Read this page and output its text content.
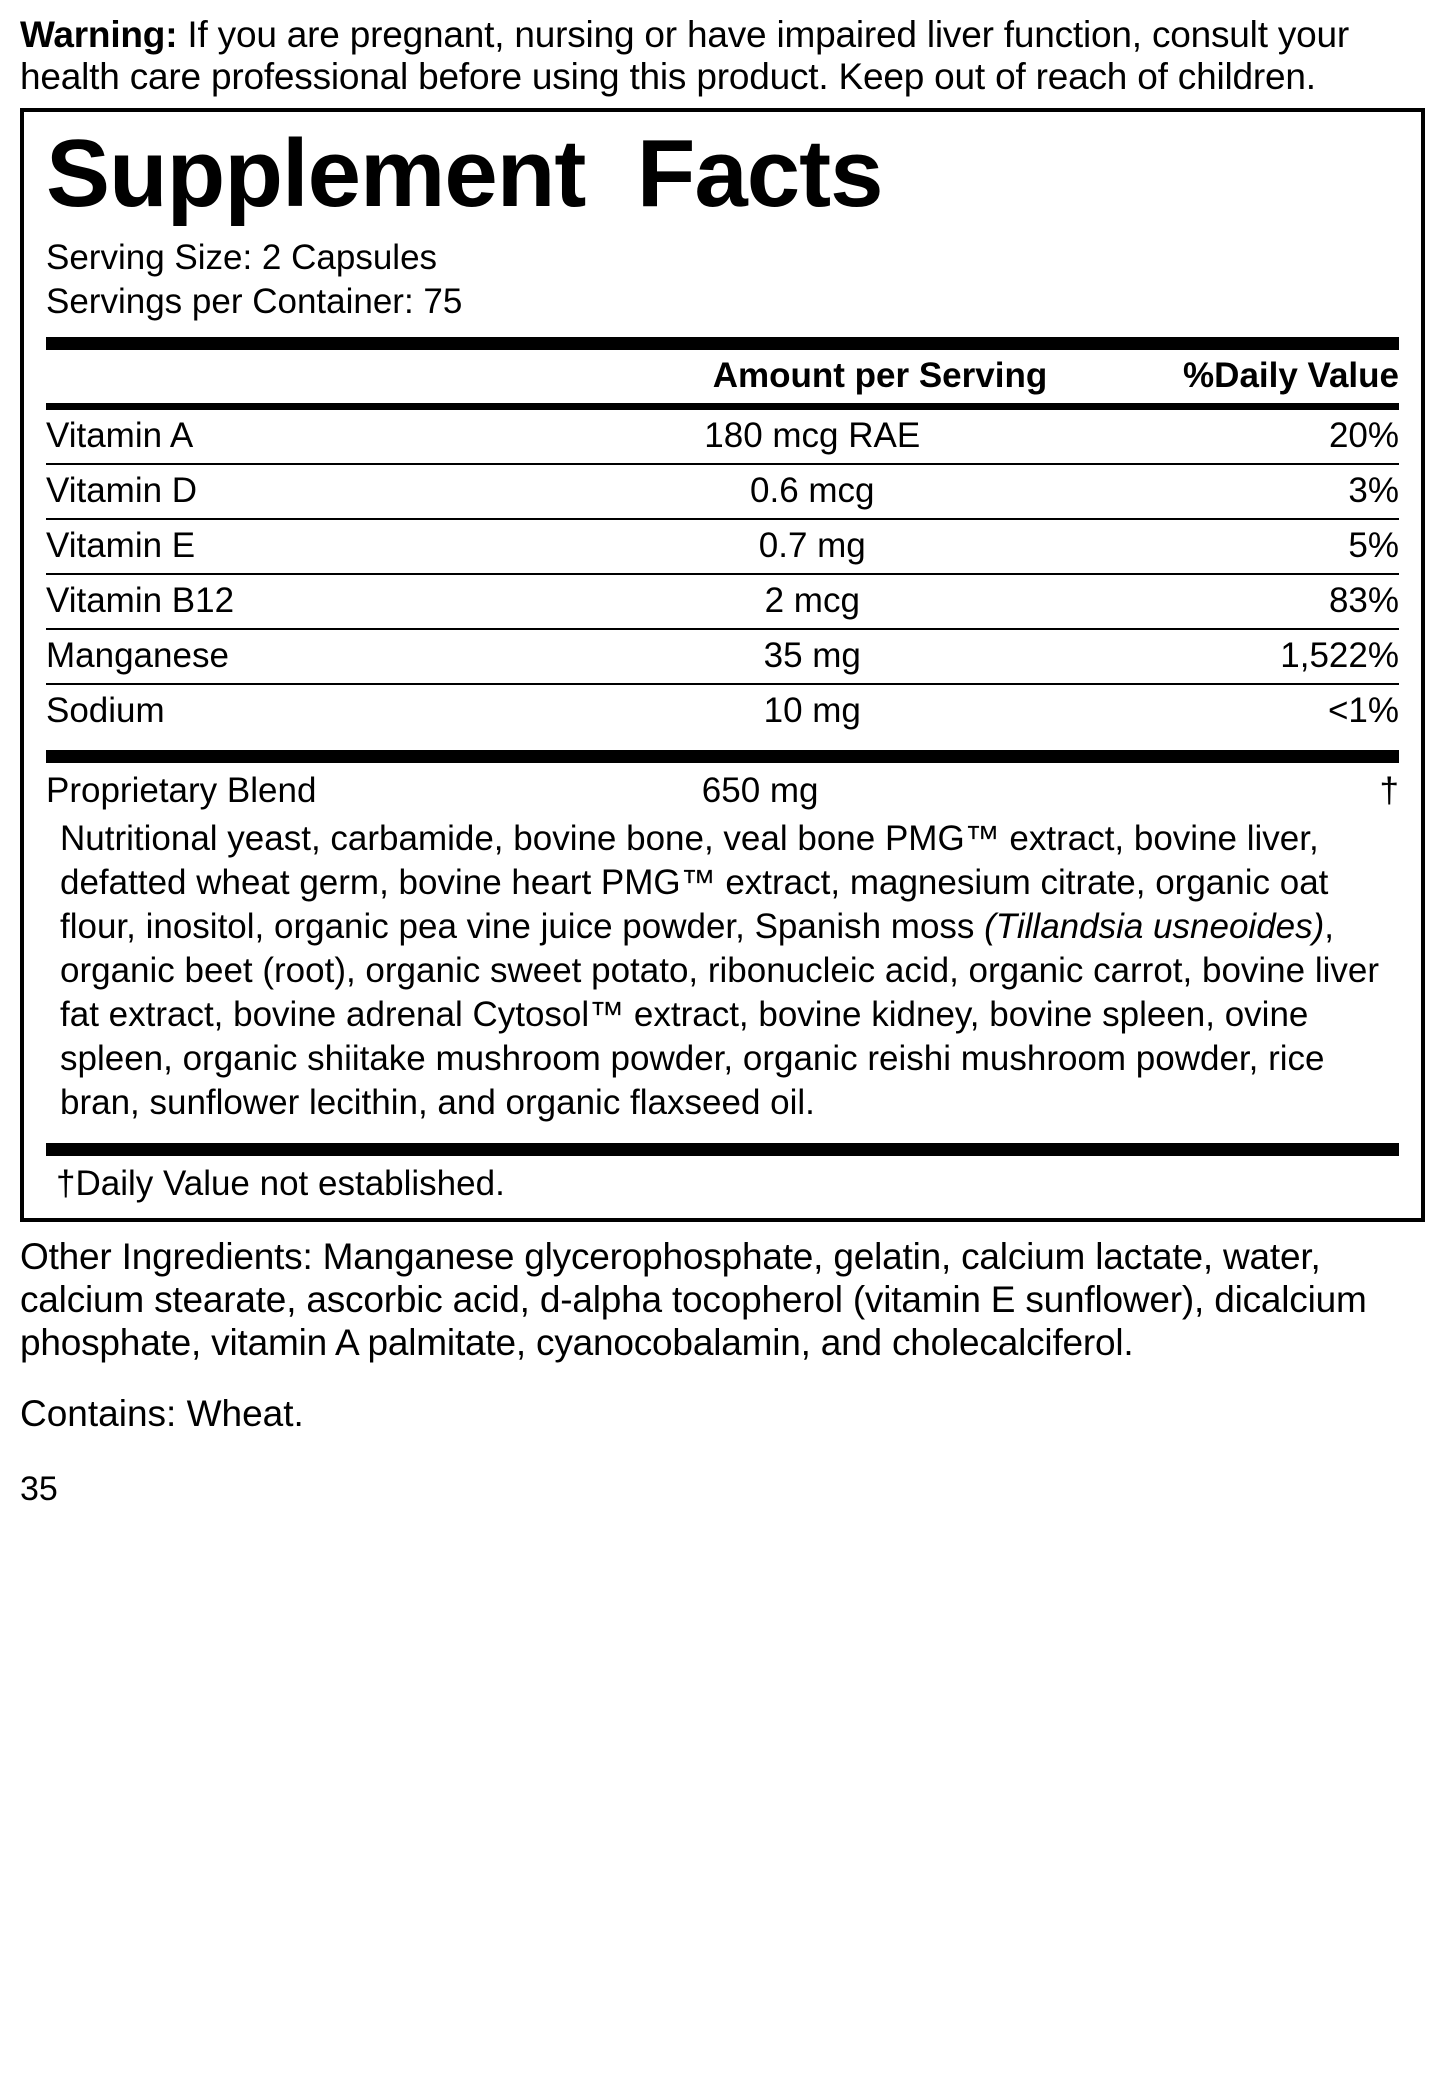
Warning: If you are pregnant, nursing or have impaired liver function, consult your health care professional before using this product. Keep out of reach of children.

Supplement  Facts
Serving Size: 2 Capsules
Servings per Container: 75
	Amount per Serving	%Daily Value
Vitamin A	180 mcg RAE	20%
Vitamin D	0.6 mcg	3%
Vitamin E	0.7 mg	5%
Vitamin B12	2 mcg	83%
Manganese	35 mg	1,522%
Sodium	10 mg	<1%
Proprietary Blend	650 mg	†
Nutritional yeast, carbamide, bovine bone, veal bone PMG™ extract, bovine liver, defatted wheat germ, bovine heart PMG™ extract, magnesium citrate, organic oat flour, inositol, organic pea vine juice powder, Spanish moss (Tillandsia usneoides), organic beet (root), organic sweet potato, ribonucleic acid, organic carrot, bovine liver fat extract, bovine adrenal Cytosol™ extract, bovine kidney, bovine spleen, ovine spleen, organic shiitake mushroom powder, organic reishi mushroom powder, rice bran, sunflower lecithin, and organic flaxseed oil.
†Daily Value not established.

Other Ingredients: Manganese glycerophosphate, gelatin, calcium lactate, water, calcium stearate, ascorbic acid, d-alpha tocopherol (vitamin E sunflower), dicalcium phosphate, vitamin A palmitate, cyanocobalamin, and cholecalciferol.

Contains: Wheat.

35
